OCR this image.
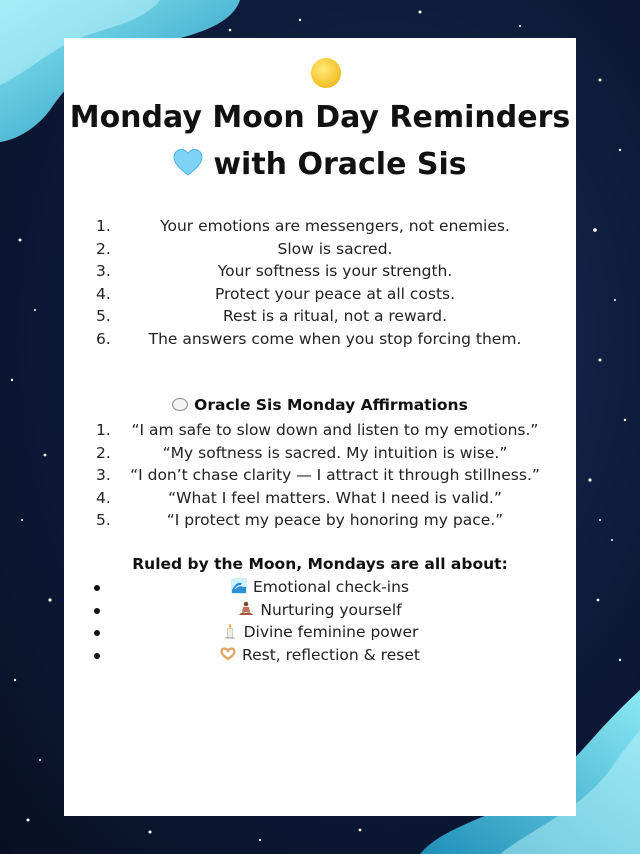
Monday Moon Day Reminders
with Oracle Sis
1.	Your emotions are messengers, not enemies.
2.	Slow is sacred.
3.	Your softness is your strength.
4.	Protect your peace at all costs.
5.	Rest is a ritual, not a reward.
6. The answers come when you stop forcing them.
Oracle Sis Monday Affirmations
1. “I am safe to slow down and listen to my emotions.”
2.	“My softness is sacred. My intuition is wise.”
3. “I don’t chase clarity — I attract it through stillness.”
4.	“What I feel matters. What I need is valid.”
5.	“I protect my peace by honoring my pace.”
Ruled by the Moon, Mondays are all about:
Emotional check-ins
Nurturing yourself
Divine feminine power
Rest, reflection & reset
